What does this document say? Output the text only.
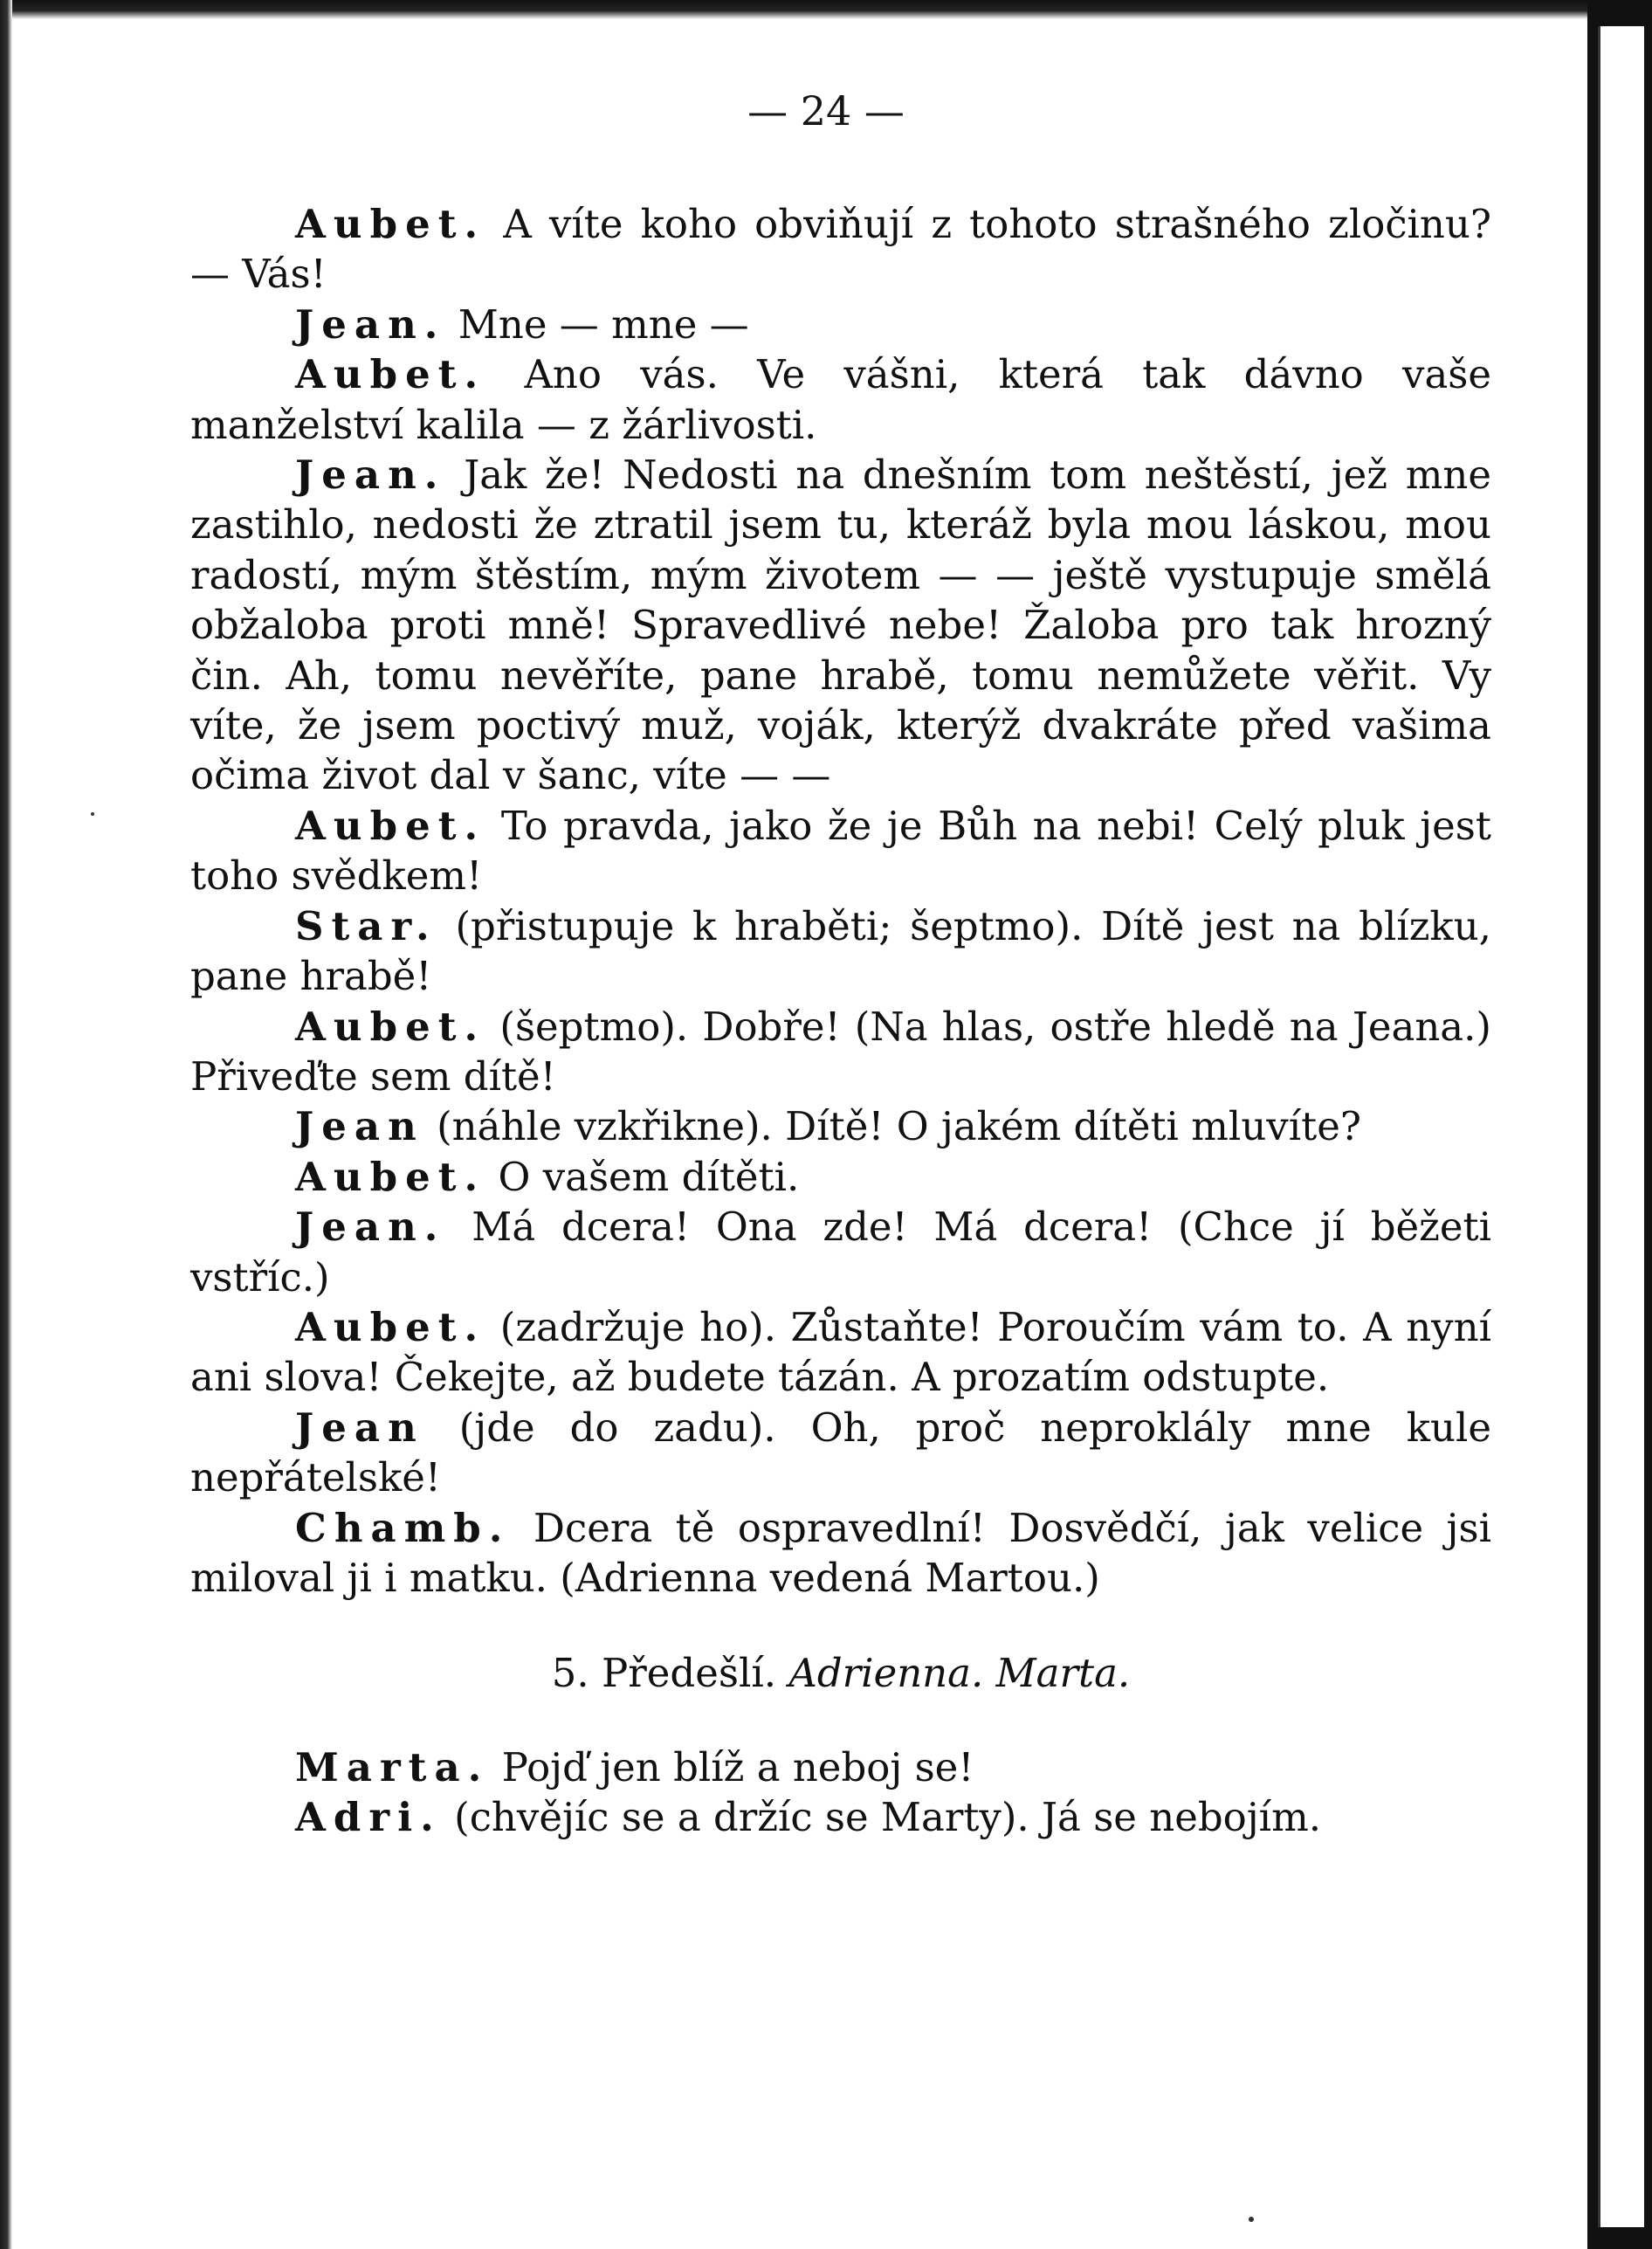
— 24 —

Aubet. A víte koho obviňují z tohoto strašného zločinu? — Vás!

Jean. Mne — mne —

Aubet. Ano vás. Ve vášni, která tak dávno vaše manželství kalila — z žárlivosti.

Jean. Jak že! Nedosti na dnešním tom neštěstí, jež mne zastihlo, nedosti že ztratil jsem tu, kteráž byla mou láskou, mou radostí, mým štěstím, mým životem — — ještě vystupuje smělá obžaloba proti mně! Spravedlivé nebe! Žaloba pro tak hrozný čin. Ah, tomu nevěříte, pane hrabě, tomu nemůžete věřit. Vy víte, že jsem poctivý muž, voják, kterýž dvakráte před vašima očima život dal v šanc, víte — —

Aubet. To pravda, jako že je Bůh na nebi! Celý pluk jest toho svědkem!

Star. (přistupuje k hraběti; šeptmo). Dítě jest na blízku, pane hrabě!

Aubet. (šeptmo). Dobře! (Na hlas, ostře hledě na Jeana.) Přiveďte sem dítě!

Jean (náhle vzkřikne). Dítě! O jakém dítěti mluvíte?

Aubet. O vašem dítěti.

Jean. Má dcera! Ona zde! Má dcera! (Chce jí běžeti vstříc.)

Aubet. (zadržuje ho). Zůstaňte! Poroučím vám to. A nyní ani slova! Čekejte, až budete tázán. A prozatím odstupte.

Jean (jde do zadu). Oh, proč neproklály mne kule nepřátelské!

Chamb. Dcera tě ospravedlní! Dosvědčí, jak velice jsi miloval ji i matku. (Adrienna vedená Martou.)

5. Předešlí. Adrienna. Marta.

Marta. Pojď jen blíž a neboj se!

Adri. (chvějíc se a držíc se Marty). Já se nebojím.
